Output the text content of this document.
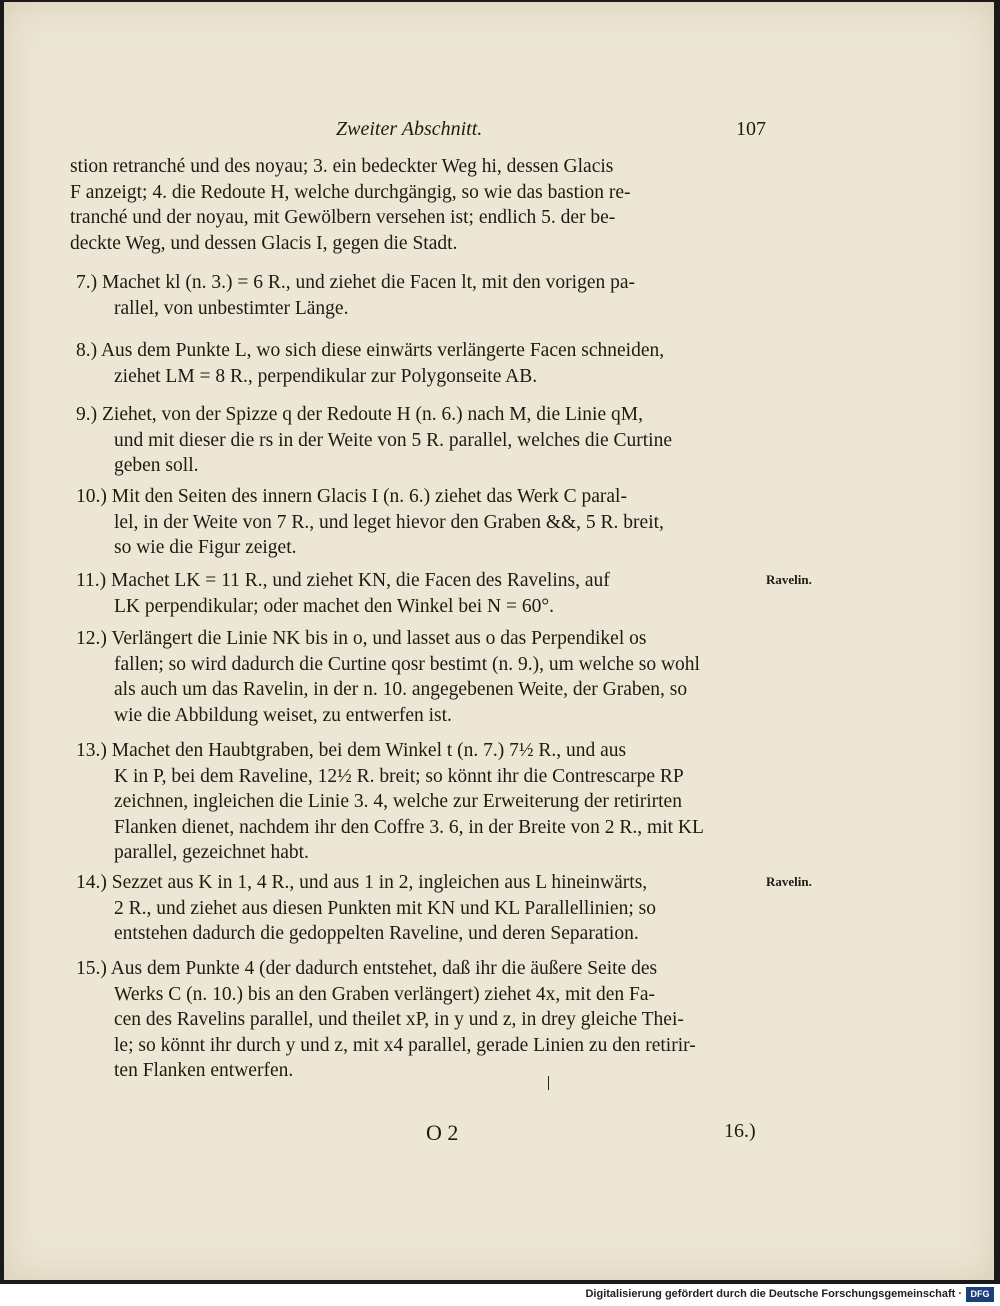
Zweiter Abschnitt.	107
stion retranché und des noyau; 3. ein bedeckter Weg hi, dessen Glacis
F anzeigt; 4. die Redoute H, welche durchgängig, so wie das bastion re-
tranché und der noyau, mit Gewölbern versehen ist; endlich 5. der be-
deckte Weg, und dessen Glacis I, gegen die Stadt.
7.) Machet kl (n. 3.) = 6 R., und ziehet die Facen lt, mit den vorigen pa-
rallel, von unbestimter Länge.
8.) Aus dem Punkte L, wo sich diese einwärts verlängerte Facen schneiden,
ziehet LM = 8 R., perpendikular zur Polygonseite AB.
9.) Ziehet, von der Spizze q der Redoute H (n. 6.) nach M, die Linie qM,
und mit dieser die rs in der Weite von 5 R. parallel, welches die Curtine
geben soll.
10.) Mit den Seiten des innern Glacis I (n. 6.) ziehet das Werk C paral-
lel, in der Weite von 7 R., und leget hievor den Graben &&, 5 R. breit,
so wie die Figur zeiget.
11.) Machet LK = 11 R., und ziehet KN, die Facen des Ravelins, auf
LK perpendikular; oder machet den Winkel bei N = 60°.
Ravelin.
12.) Verlängert die Linie NK bis in o, und lasset aus o das Perpendikel os
fallen; so wird dadurch die Curtine qosr bestimt (n. 9.), um welche so wohl
als auch um das Ravelin, in der n. 10. angegebenen Weite, der Graben, so
wie die Abbildung weiset, zu entwerfen ist.
13.) Machet den Haubtgraben, bei dem Winkel t (n. 7.) 7½ R., und aus
K in P, bei dem Raveline, 12½ R. breit; so könnt ihr die Contrescarpe RP
zeichnen, ingleichen die Linie 3. 4, welche zur Erweiterung der retirirten
Flanken dienet, nachdem ihr den Coffre 3. 6, in der Breite von 2 R., mit KL
parallel, gezeichnet habt.
14.) Sezzet aus K in 1, 4 R., und aus 1 in 2, ingleichen aus L hineinwärts,
2 R., und ziehet aus diesen Punkten mit KN und KL Parallellinien; so
entstehen dadurch die gedoppelten Raveline, und deren Separation.
Ravelin.
15.) Aus dem Punkte 4 (der dadurch entstehet, daß ihr die äußere Seite des
Werks C (n. 10.) bis an den Graben verlängert) ziehet 4x, mit den Fa-
cen des Ravelins parallel, und theilet xP, in y und z, in drey gleiche Thei-
le; so könnt ihr durch y und z, mit x4 parallel, gerade Linien zu den retirir-
ten Flanken entwerfen.
O 2	16.)
Digitalisierung gefördert durch die Deutsche Forschungsgemeinschaft · DFG
